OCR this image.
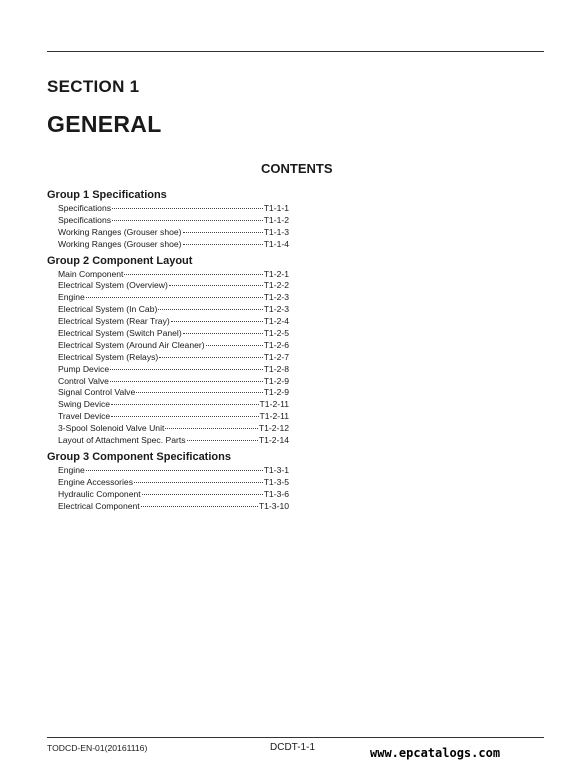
SECTION 1
GENERAL
CONTENTS
Group 1 Specifications
Specifications	T1-1-1
Specifications	T1-1-2
Working Ranges (Grouser shoe)	T1-1-3
Working Ranges (Grouser shoe)	T1-1-4
Group 2 Component Layout
Main Component	T1-2-1
Electrical System (Overview)	T1-2-2
Engine	T1-2-3
Electrical System (In Cab)	T1-2-3
Electrical System (Rear Tray)	T1-2-4
Electrical System (Switch Panel)	T1-2-5
Electrical System (Around Air Cleaner)	T1-2-6
Electrical System (Relays)	T1-2-7
Pump Device	T1-2-8
Control Valve	T1-2-9
Signal Control Valve	T1-2-9
Swing Device	T1-2-11
Travel Device	T1-2-11
3-Spool Solenoid Valve Unit	T1-2-12
Layout of Attachment Spec. Parts	T1-2-14
Group 3 Component Specifications
Engine	T1-3-1
Engine Accessories	T1-3-5
Hydraulic Component	T1-3-6
Electrical Component	T1-3-10
TODCD-EN-01(20161116)	DCDT-1-1	www.epcatalogs.com
